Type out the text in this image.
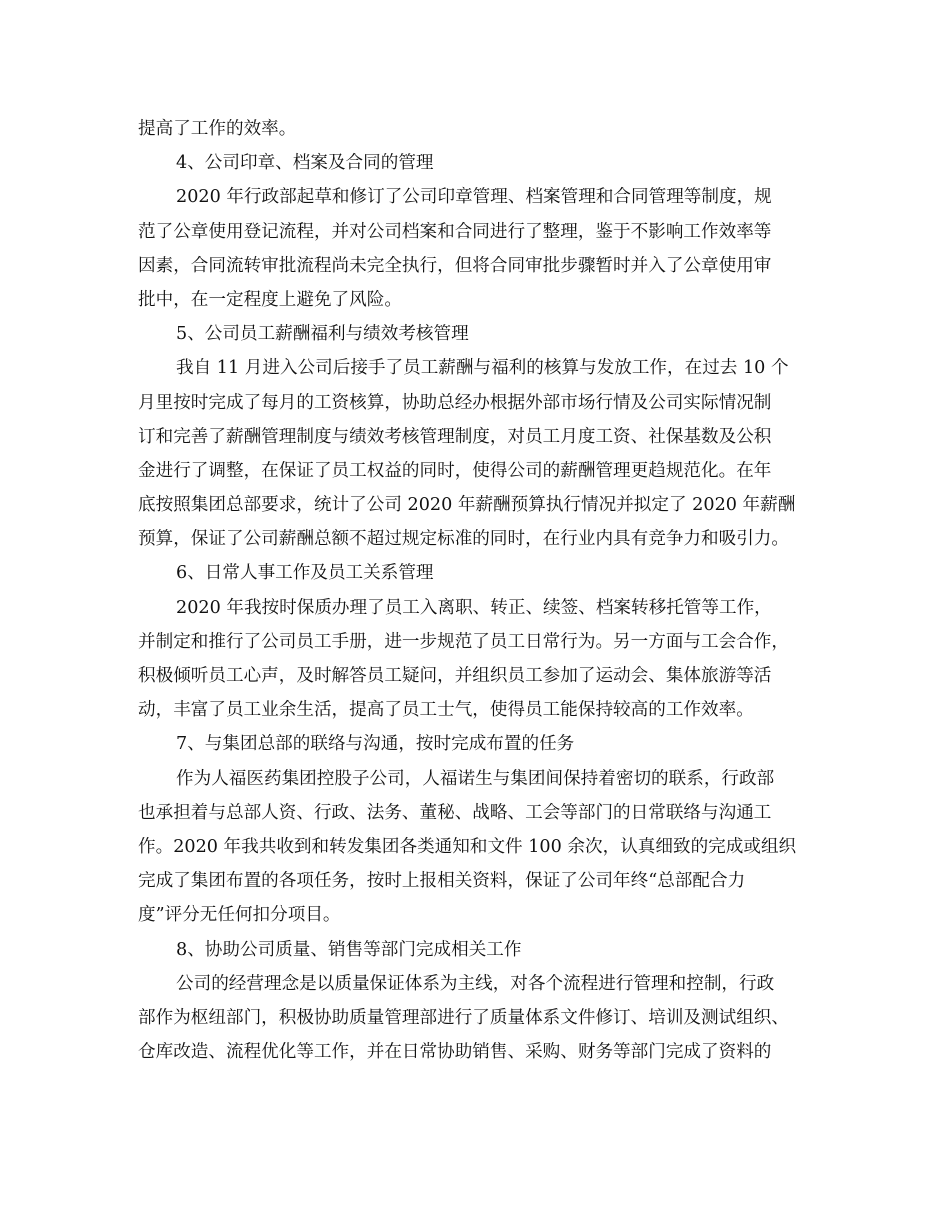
提高了工作的效率。
4、公司印章、档案及合同的管理
2020 年行政部起草和修订了公司印章管理、档案管理和合同管理等制度，规
范了公章使用登记流程，并对公司档案和合同进行了整理，鉴于不影响工作效率等
因素，合同流转审批流程尚未完全执行，但将合同审批步骤暂时并入了公章使用审
批中，在一定程度上避免了风险。
5、公司员工薪酬福利与绩效考核管理
我自 11 月进入公司后接手了员工薪酬与福利的核算与发放工作，在过去 10 个
月里按时完成了每月的工资核算，协助总经办根据外部市场行情及公司实际情况制
订和完善了薪酬管理制度与绩效考核管理制度，对员工月度工资、社保基数及公积
金进行了调整，在保证了员工权益的同时，使得公司的薪酬管理更趋规范化。在年
底按照集团总部要求，统计了公司 2020 年薪酬预算执行情况并拟定了 2020 年薪酬
预算，保证了公司薪酬总额不超过规定标准的同时，在行业内具有竞争力和吸引力。
6、日常人事工作及员工关系管理
2020 年我按时保质办理了员工入离职、转正、续签、档案转移托管等工作，
并制定和推行了公司员工手册，进一步规范了员工日常行为。另一方面与工会合作，
积极倾听员工心声，及时解答员工疑问，并组织员工参加了运动会、集体旅游等活
动，丰富了员工业余生活，提高了员工士气，使得员工能保持较高的工作效率。
7、与集团总部的联络与沟通，按时完成布置的任务
作为人福医药集团控股子公司，人福诺生与集团间保持着密切的联系，行政部
也承担着与总部人资、行政、法务、董秘、战略、工会等部门的日常联络与沟通工
作。2020 年我共收到和转发集团各类通知和文件 100 余次，认真细致的完成或组织
完成了集团布置的各项任务，按时上报相关资料，保证了公司年终“总部配合力
度”评分无任何扣分项目。
8、协助公司质量、销售等部门完成相关工作
公司的经营理念是以质量保证体系为主线，对各个流程进行管理和控制，行政
部作为枢纽部门，积极协助质量管理部进行了质量体系文件修订、培训及测试组织、
仓库改造、流程优化等工作，并在日常协助销售、采购、财务等部门完成了资料的
